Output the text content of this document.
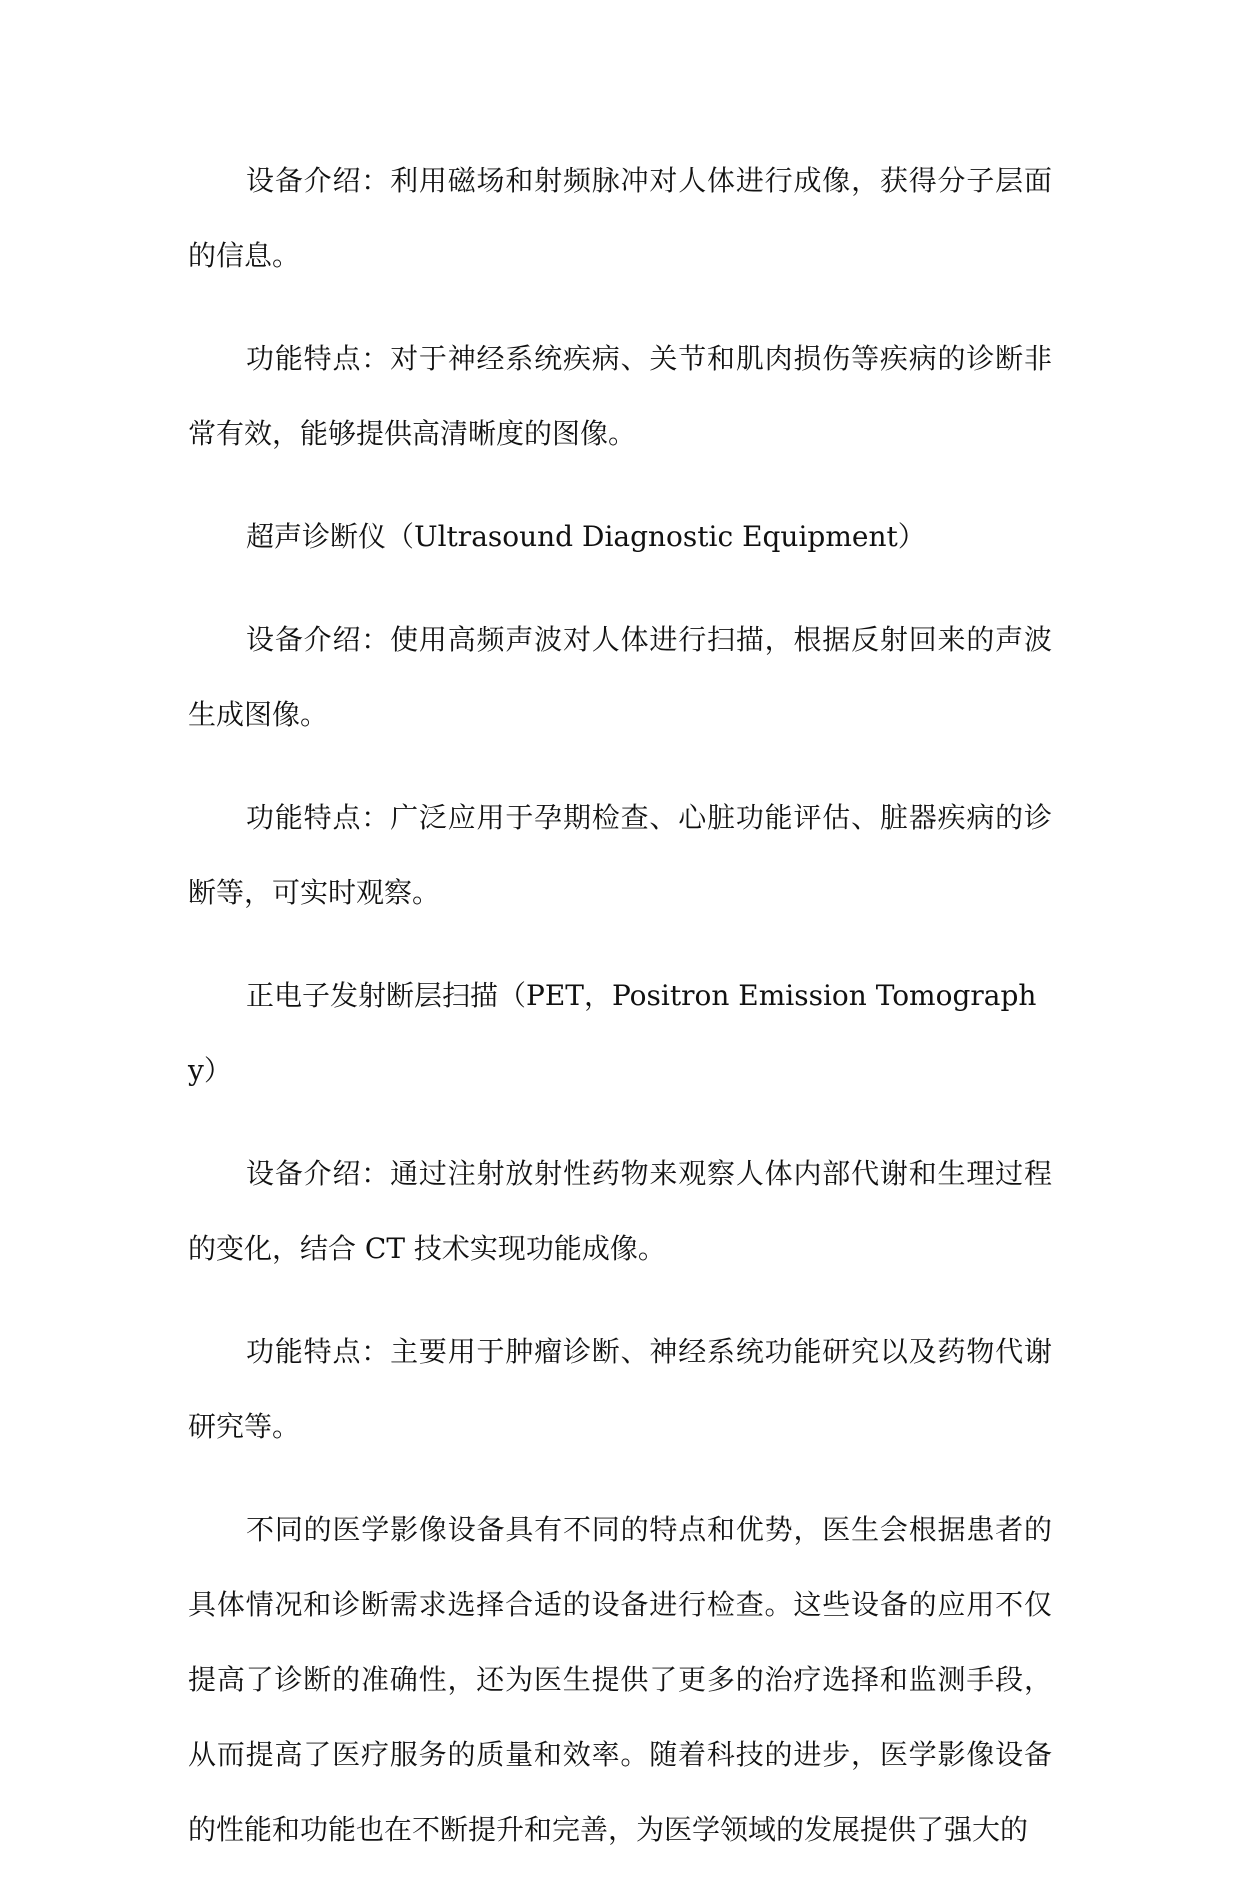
设备介绍：利用磁场和射频脉冲对人体进行成像，获得分子层面的信息。

功能特点：对于神经系统疾病、关节和肌肉损伤等疾病的诊断非常有效，能够提供高清晰度的图像。

超声诊断仪（Ultrasound Diagnostic Equipment）

设备介绍：使用高频声波对人体进行扫描，根据反射回来的声波生成图像。

功能特点：广泛应用于孕期检查、心脏功能评估、脏器疾病的诊断等，可实时观察。

正电子发射断层扫描（PET，Positron Emission Tomography）

设备介绍：通过注射放射性药物来观察人体内部代谢和生理过程的变化，结合 CT 技术实现功能成像。

功能特点：主要用于肿瘤诊断、神经系统功能研究以及药物代谢研究等。

不同的医学影像设备具有不同的特点和优势，医生会根据患者的具体情况和诊断需求选择合适的设备进行检查。这些设备的应用不仅提高了诊断的准确性，还为医生提供了更多的治疗选择和监测手段，从而提高了医疗服务的质量和效率。随着科技的进步，医学影像设备的性能和功能也在不断提升和完善，为医学领域的发展提供了强大的
